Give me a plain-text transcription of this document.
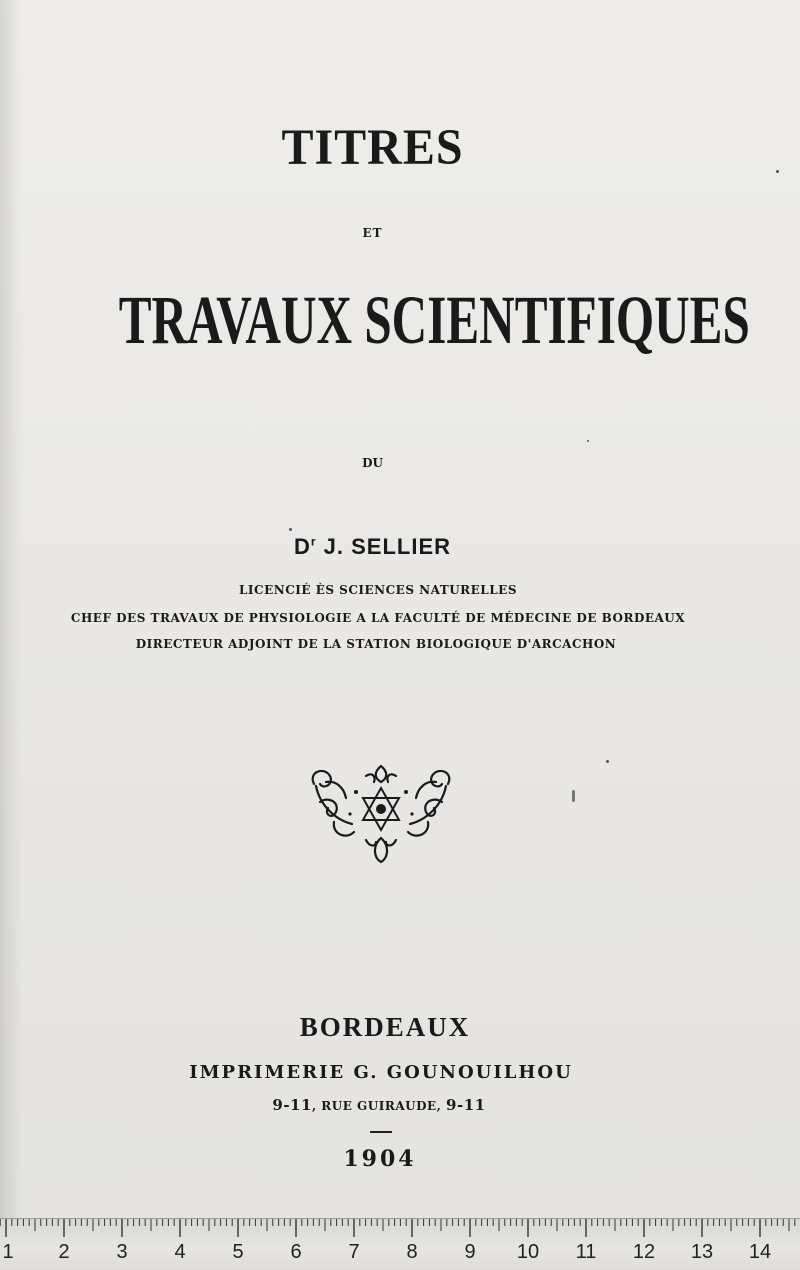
TITRES
ET
TRAVAUX SCIENTIFIQUES
DU
$D^r$ J. SELLIER
LICENCIÉ ÈS SCIENCES NATURELLES
CHEF DES TRAVAUX DE PHYSIOLOGIE A LA FACULTÉ DE MÉDECINE DE BORDEAUX
DIRECTEUR ADJOINT DE LA STATION BIOLOGIQUE D'ARCACHON
BORDEAUX
IMPRIMERIE G. GOUNOUILHOU
9-11, RUE GUIRAUDE, 9-11
1904
1 2 3 4 5 6 7 8 9 10 11 12 13 14
